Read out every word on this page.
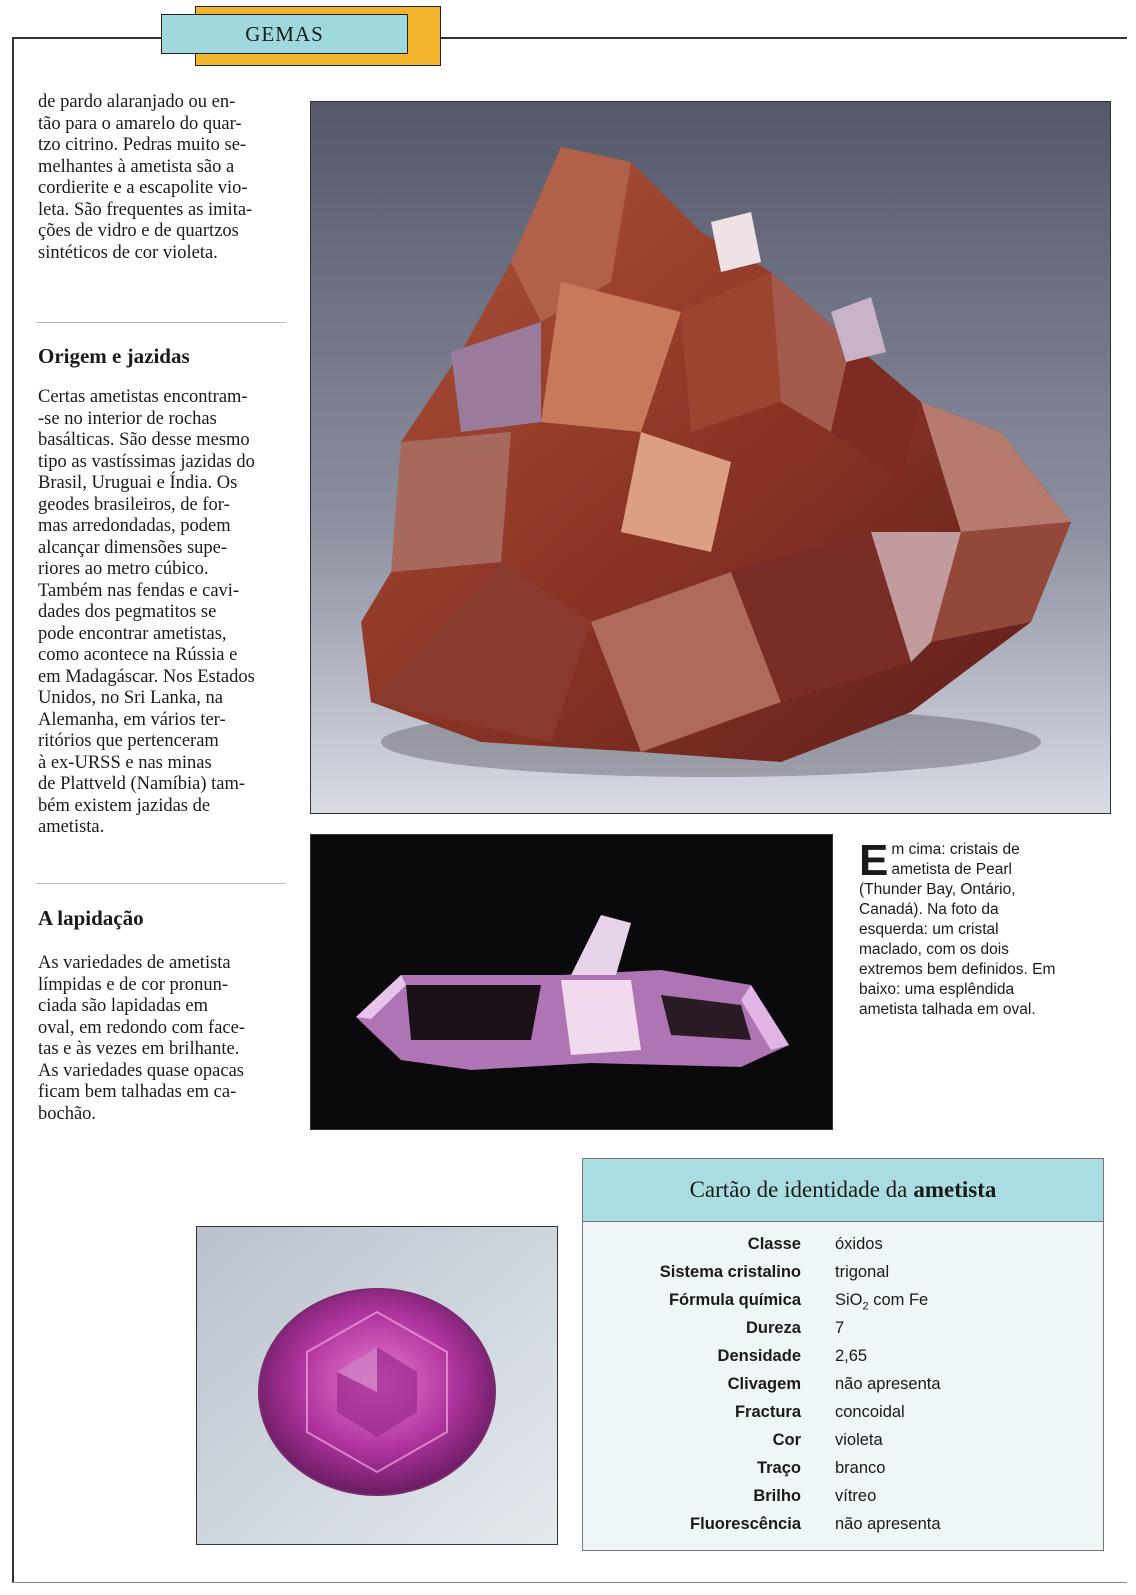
GEMAS

de pardo alaranjado ou en-
tão para o amarelo do quar-
tzo citrino. Pedras muito se-
melhantes à ametista são a
cordierite e a escapolite vio-
leta. São frequentes as imita-
ções de vidro e de quartzos
sintéticos de cor violeta.

Origem e jazidas

Certas ametistas encontram-
-se no interior de rochas
basálticas. São desse mesmo
tipo as vastíssimas jazidas do
Brasil, Uruguai e Índia. Os
geodes brasileiros, de for-
mas arredondadas, podem
alcançar dimensões supe-
riores ao metro cúbico.
Também nas fendas e cavi-
dades dos pegmatitos se
pode encontrar ametistas,
como acontece na Rússia e
em Madagáscar. Nos Estados
Unidos, no Sri Lanka, na
Alemanha, em vários ter-
ritórios que pertenceram
à ex-URSS e nas minas
de Plattveld (Namíbia) tam-
bém existem jazidas de
ametista.

A lapidação

As variedades de ametista
límpidas e de cor pronun-
ciada são lapidadas em
oval, em redondo com face-
tas e às vezes em brilhante.
As variedades quase opacas
ficam bem talhadas em ca-
bochão.

Em cima: cristais de ametista de Pearl (Thunder Bay, Ontário, Canadá). Na foto da esquerda: um cristal maclado, com os dois extremos bem definidos. Em baixo: uma esplêndida ametista talhada em oval.
Cartão de identidade da ametista
Classe óxidos
Sistema cristalino trigonal
Fórmula química SiO$_2$ com Fe
Dureza 7
Densidade 2,65
Clivagem não apresenta
Fractura concoidal
Cor violeta
Traço branco
Brilho vítreo
Fluorescência não apresenta
